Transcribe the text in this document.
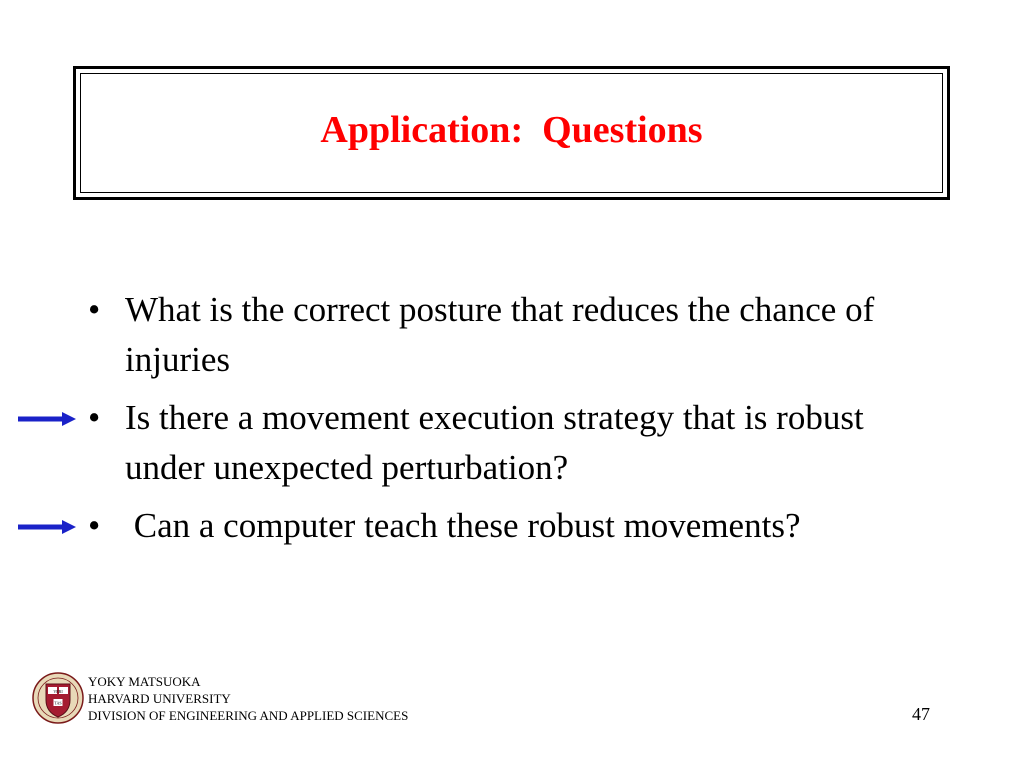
Application:  Questions
• What is the correct posture that reduces the chance of injuries
• Is there a movement execution strategy that is robust under unexpected perturbation?
• Can a computer teach these robust movements?
VERI
TAS
YOKY MATSUOKA
HARVARD UNIVERSITY
DIVISION OF ENGINEERING AND APPLIED SCIENCES	47
